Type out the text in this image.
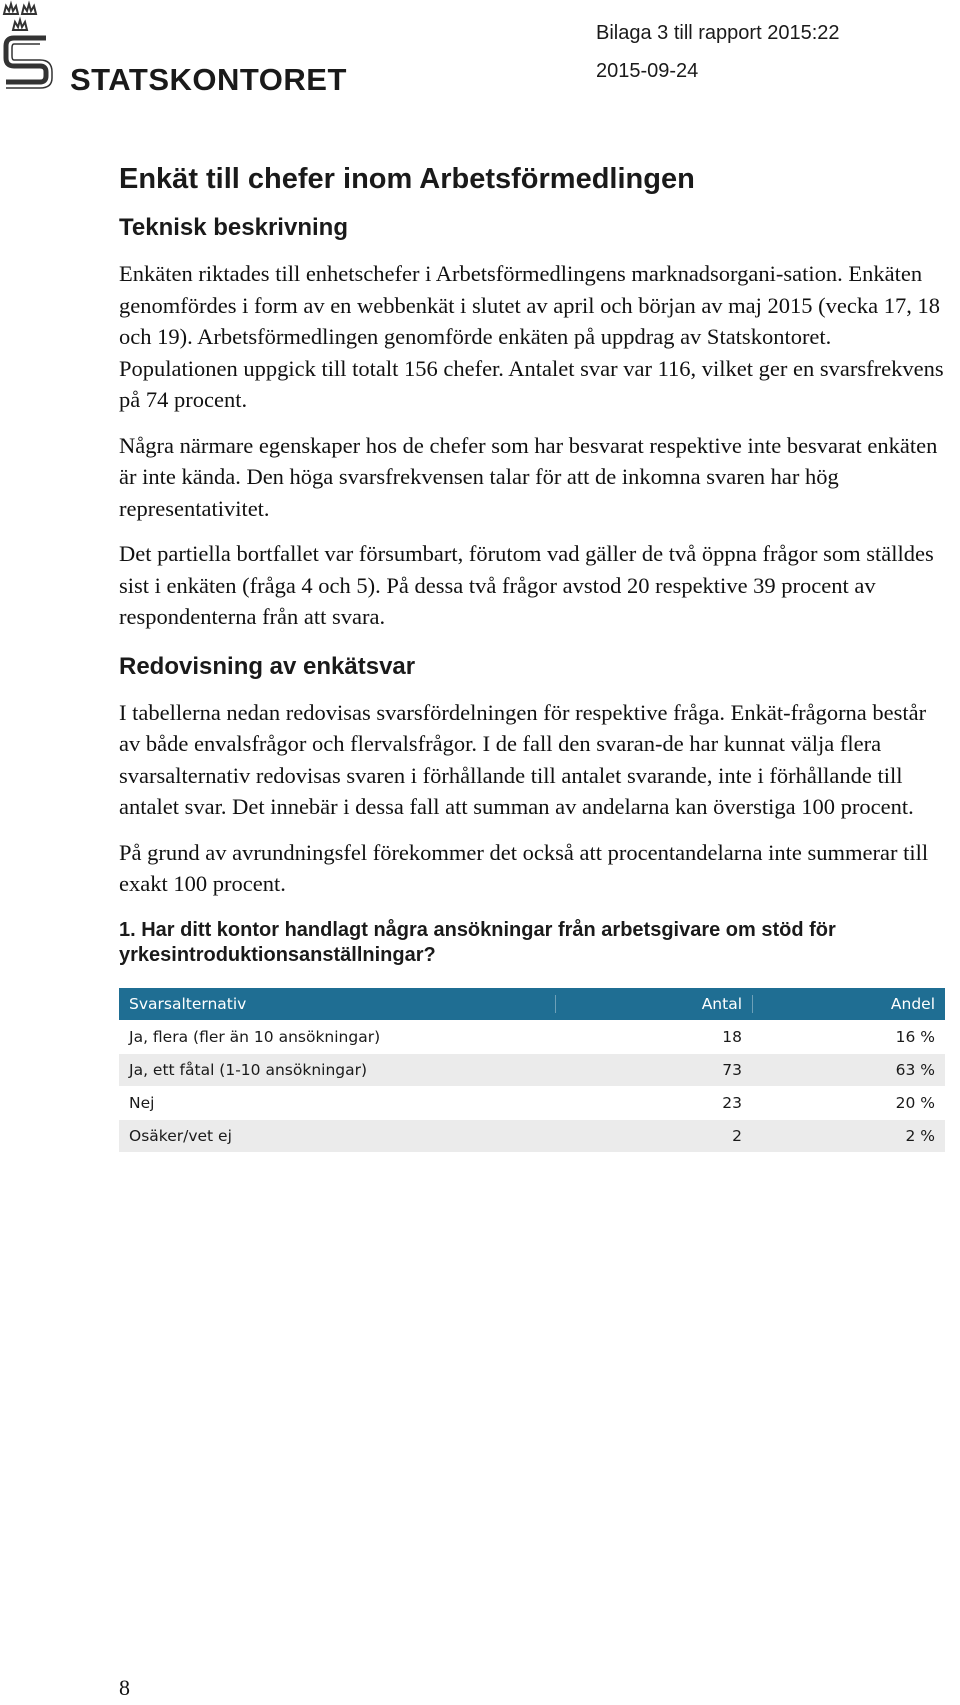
STATSKONTORET
Bilaga 3 till rapport 2015:22
2015-09-24
Enkät till chefer inom Arbetsförmedlingen
Teknisk beskrivning

Enkäten riktades till enhetschefer i Arbetsförmedlingens marknadsorgani-sation. Enkäten genomfördes i form av en webbenkät i slutet av april och början av maj 2015 (vecka 17, 18 och 19). Arbetsförmedlingen genomförde enkäten på uppdrag av Statskontoret. Populationen uppgick till totalt 156 chefer. Antalet svar var 116, vilket ger en svarsfrekvens på 74 procent.

Några närmare egenskaper hos de chefer som har besvarat respektive inte besvarat enkäten är inte kända. Den höga svarsfrekvensen talar för att de inkomna svaren har hög representativitet.

Det partiella bortfallet var försumbart, förutom vad gäller de två öppna frågor som ställdes sist i enkäten (fråga 4 och 5). På dessa två frågor avstod 20 respektive 39 procent av respondenterna från att svara.

Redovisning av enkätsvar

I tabellerna nedan redovisas svarsfördelningen för respektive fråga. Enkät-frågorna består av både envalsfrågor och flervalsfrågor. I de fall den svaran-de har kunnat välja flera svarsalternativ redovisas svaren i förhållande till antalet svarande, inte i förhållande till antalet svar. Det innebär i dessa fall att summan av andelarna kan överstiga 100 procent.

På grund av avrundningsfel förekommer det också att procentandelarna inte summerar till exakt 100 procent.

1. Har ditt kontor handlagt några ansökningar från arbetsgivare om stöd för yrkesintroduktionsanställningar?
Svarsalternativ	Antal	Andel
Ja, flera (fler än 10 ansökningar)	18	16 %
Ja, ett fåtal (1-10 ansökningar)	73	63 %
Nej	23	20 %
Osäker/vet ej	2	2 %
8
